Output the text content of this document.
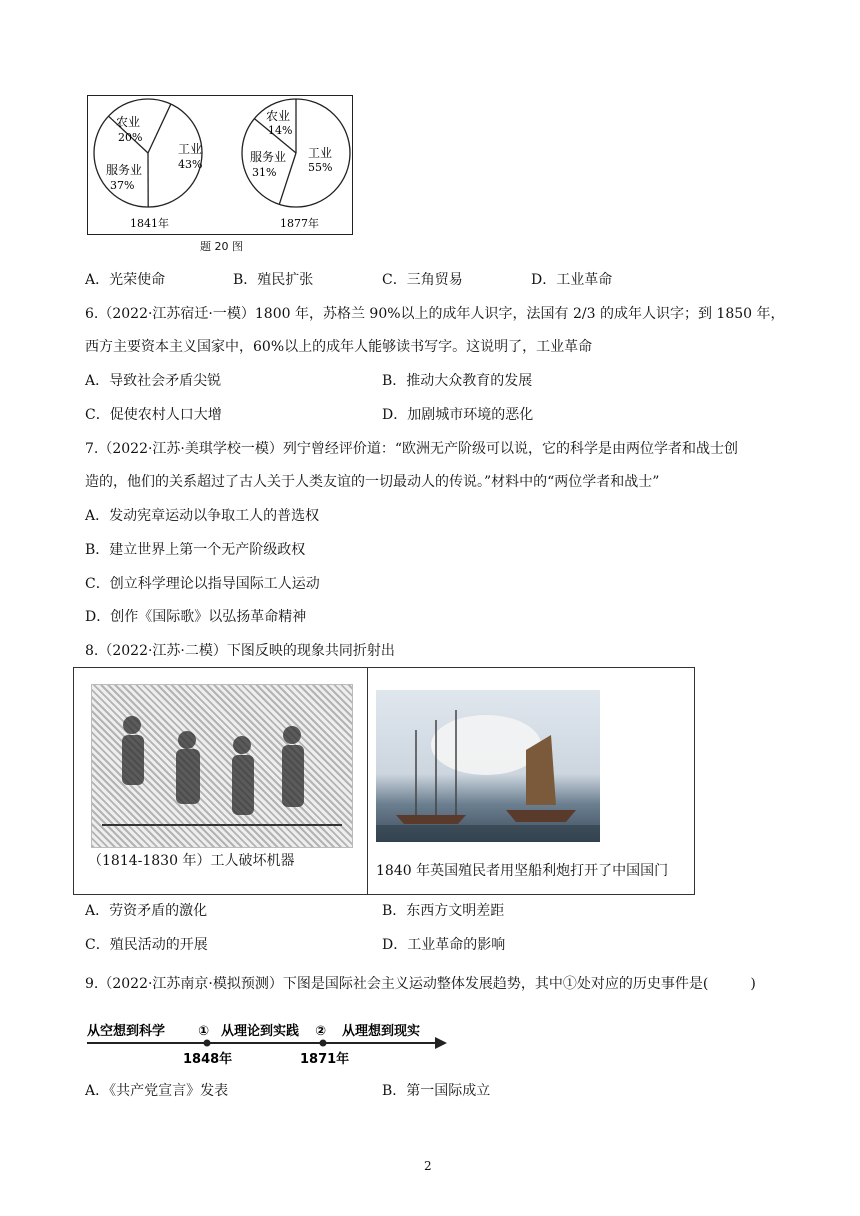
农业
20%
工业
43%
服务业
37%
1841年
农业
14%
工业
55%
服务业
31%
1877年
题 20 图
A．光荣使命	B．殖民扩张	C．三角贸易	D．工业革命
6.（2022·江苏宿迁·一模）1800 年，苏格兰 90%以上的成年人识字，法国有 2/3 的成年人识字；到 1850 年，
西方主要资本主义国家中，60%以上的成年人能够读书写字。这说明了，工业革命
A．导致社会矛盾尖锐	B．推动大众教育的发展
C．促使农村人口大增	D．加剧城市环境的恶化
7.（2022·江苏·美琪学校一模）列宁曾经评价道：“欧洲无产阶级可以说，它的科学是由两位学者和战士创
造的，他们的关系超过了古人关于人类友谊的一切最动人的传说。”材料中的“两位学者和战士”
A．发动宪章运动以争取工人的普选权
B．建立世界上第一个无产阶级政权
C．创立科学理论以指导国际工人运动
D．创作《国际歌》以弘扬革命精神
8.（2022·江苏·二模）下图反映的现象共同折射出
（1814-1830 年）工人破坏机器
1840 年英国殖民者用坚船利炮打开了中国国门
A．劳资矛盾的激化	B．东西方文明差距
C．殖民活动的开展	D．工业革命的影响
9.（2022·江苏南京·模拟预测）下图是国际社会主义运动整体发展趋势，其中①处对应的历史事件是(　　　)
从空想到科学	① 从理论到实践 ② 从理想到现实
1848年	1871年
A．《共产党宣言》发表	B．第一国际成立
2
